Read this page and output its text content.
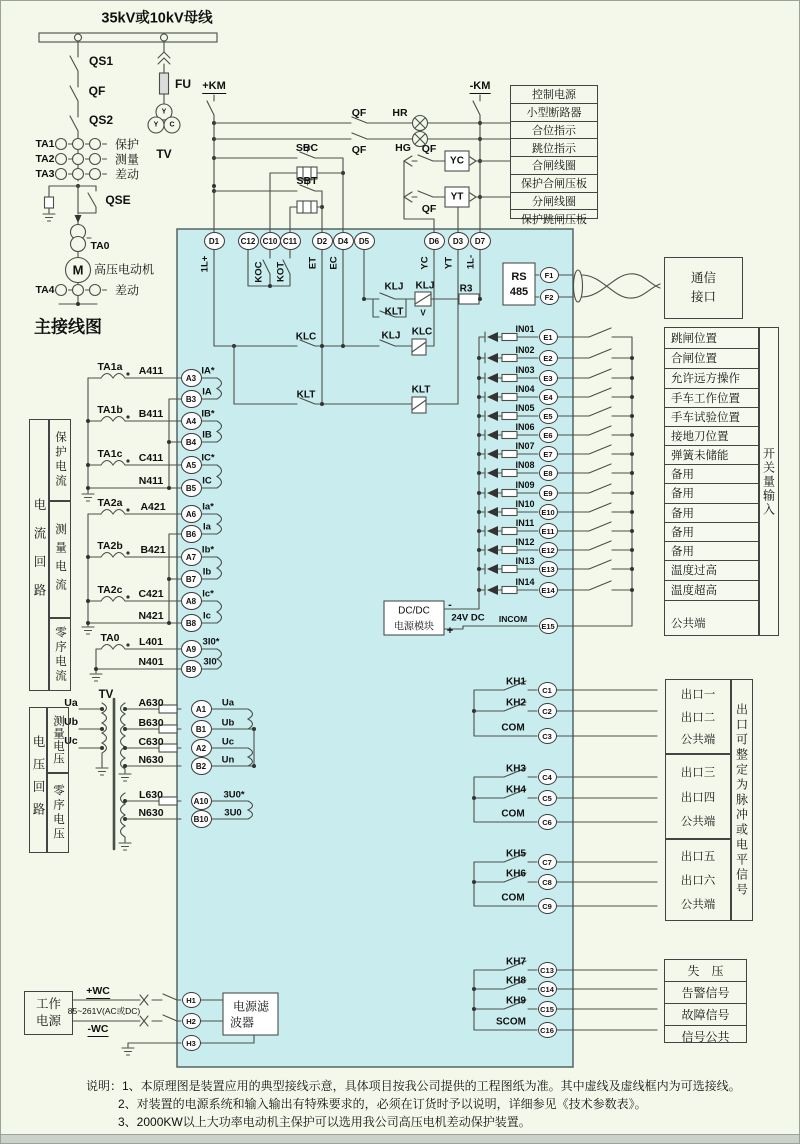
35kV或10kV母线
QS1
QF
QS2
TA1
TA2
TA3
保护
测量
差动
QSE
TA0
M 高压电动机
TA4	差动
FU
TV
Y
Y C
主接线图
+KM	-KM
QF HR
QF	HG
SBC
SBT
QF
YC
QF
YT
控制电源
小型断路器
合位指示
跳位指示
合闸线圈
保护合闸压板
分闸线圈
保护跳闸压板
D1	C12 C10 C11	D2	D4	D5	D6	D3	D7
1L+	ET EC	YC YT 1L-
KOC KOT
KLJ
KLT
KLJ
V
R3
KLC	KLJ KLC
KLT	KLT
RS
485
F1
F2
通信
接口
TA1a A411
TA1b B411
TA1c C411
N411
TA2a A421
TA2b B421
TA2c C421
N421
TA0 L401
N401
A3
B3
A4
B4
A5
B5
A6
B6
A7
B7
A8
B8
A9
B9
IA*
IA
IB*
IB
IC*
IC
Ia*
Ia
Ib*
Ib
Ic*
Ic
3I0*
3I0
电流回路
保护电流
测量电流
零序电流
TV
Ua
Ub
Uc
A630
B630
C630
N630
L630
N630
A1
B1
A2
B2
A10
B10
Ua
Ub
Uc
Un
3U0*
3U0
电压回路 测量电压
零序电压
IN01
IN02
IN03
IN04
IN05
IN06
IN07
IN08
IN09
IN10
IN11
IN12
IN13
IN14
INCOM
E1
E2
E3
E4
E5
E6
E7
E8
E9
E10
E11
E12
E13
E14
E15
DC/DC
电源模块
-
24V DC
+
跳闸位置
合闸位置
允许远方操作
手车工作位置
手车试验位置
接地刀位置
弹簧未储能
备用
备用
备用
备用
备用
温度过高
温度超高
公共端
开关量输入
KH1
KH2
COM
KH3
KH4
COM
KH5
KH6
COM
KH7
KH8
KH9
SCOM
C1
C2
C3
C4
C5
C6
C7
C8
C9
C13
C14
C15
C16
出口一
出口二
公共端
出口三
出口四
公共端
出口五
出口六
公共端
出口可整定为脉冲或电平信号
失　压
告警信号
故障信号
信号公共
工作
电源
+WC
85~261V(AC或DC)
-WC
H1
H2
H3
电源滤
波器
说明：1、本原理图是装置应用的典型接线示意，具体项目按我公司提供的工程图纸为准。其中虚线及虚线框内为可选接线。
2、对装置的电源系统和输入输出有特殊要求的，必须在订货时予以说明，详细参见《技术参数表》。
3、2000KW以上大功率电动机主保护可以选用我公司高压电机差动保护装置。
